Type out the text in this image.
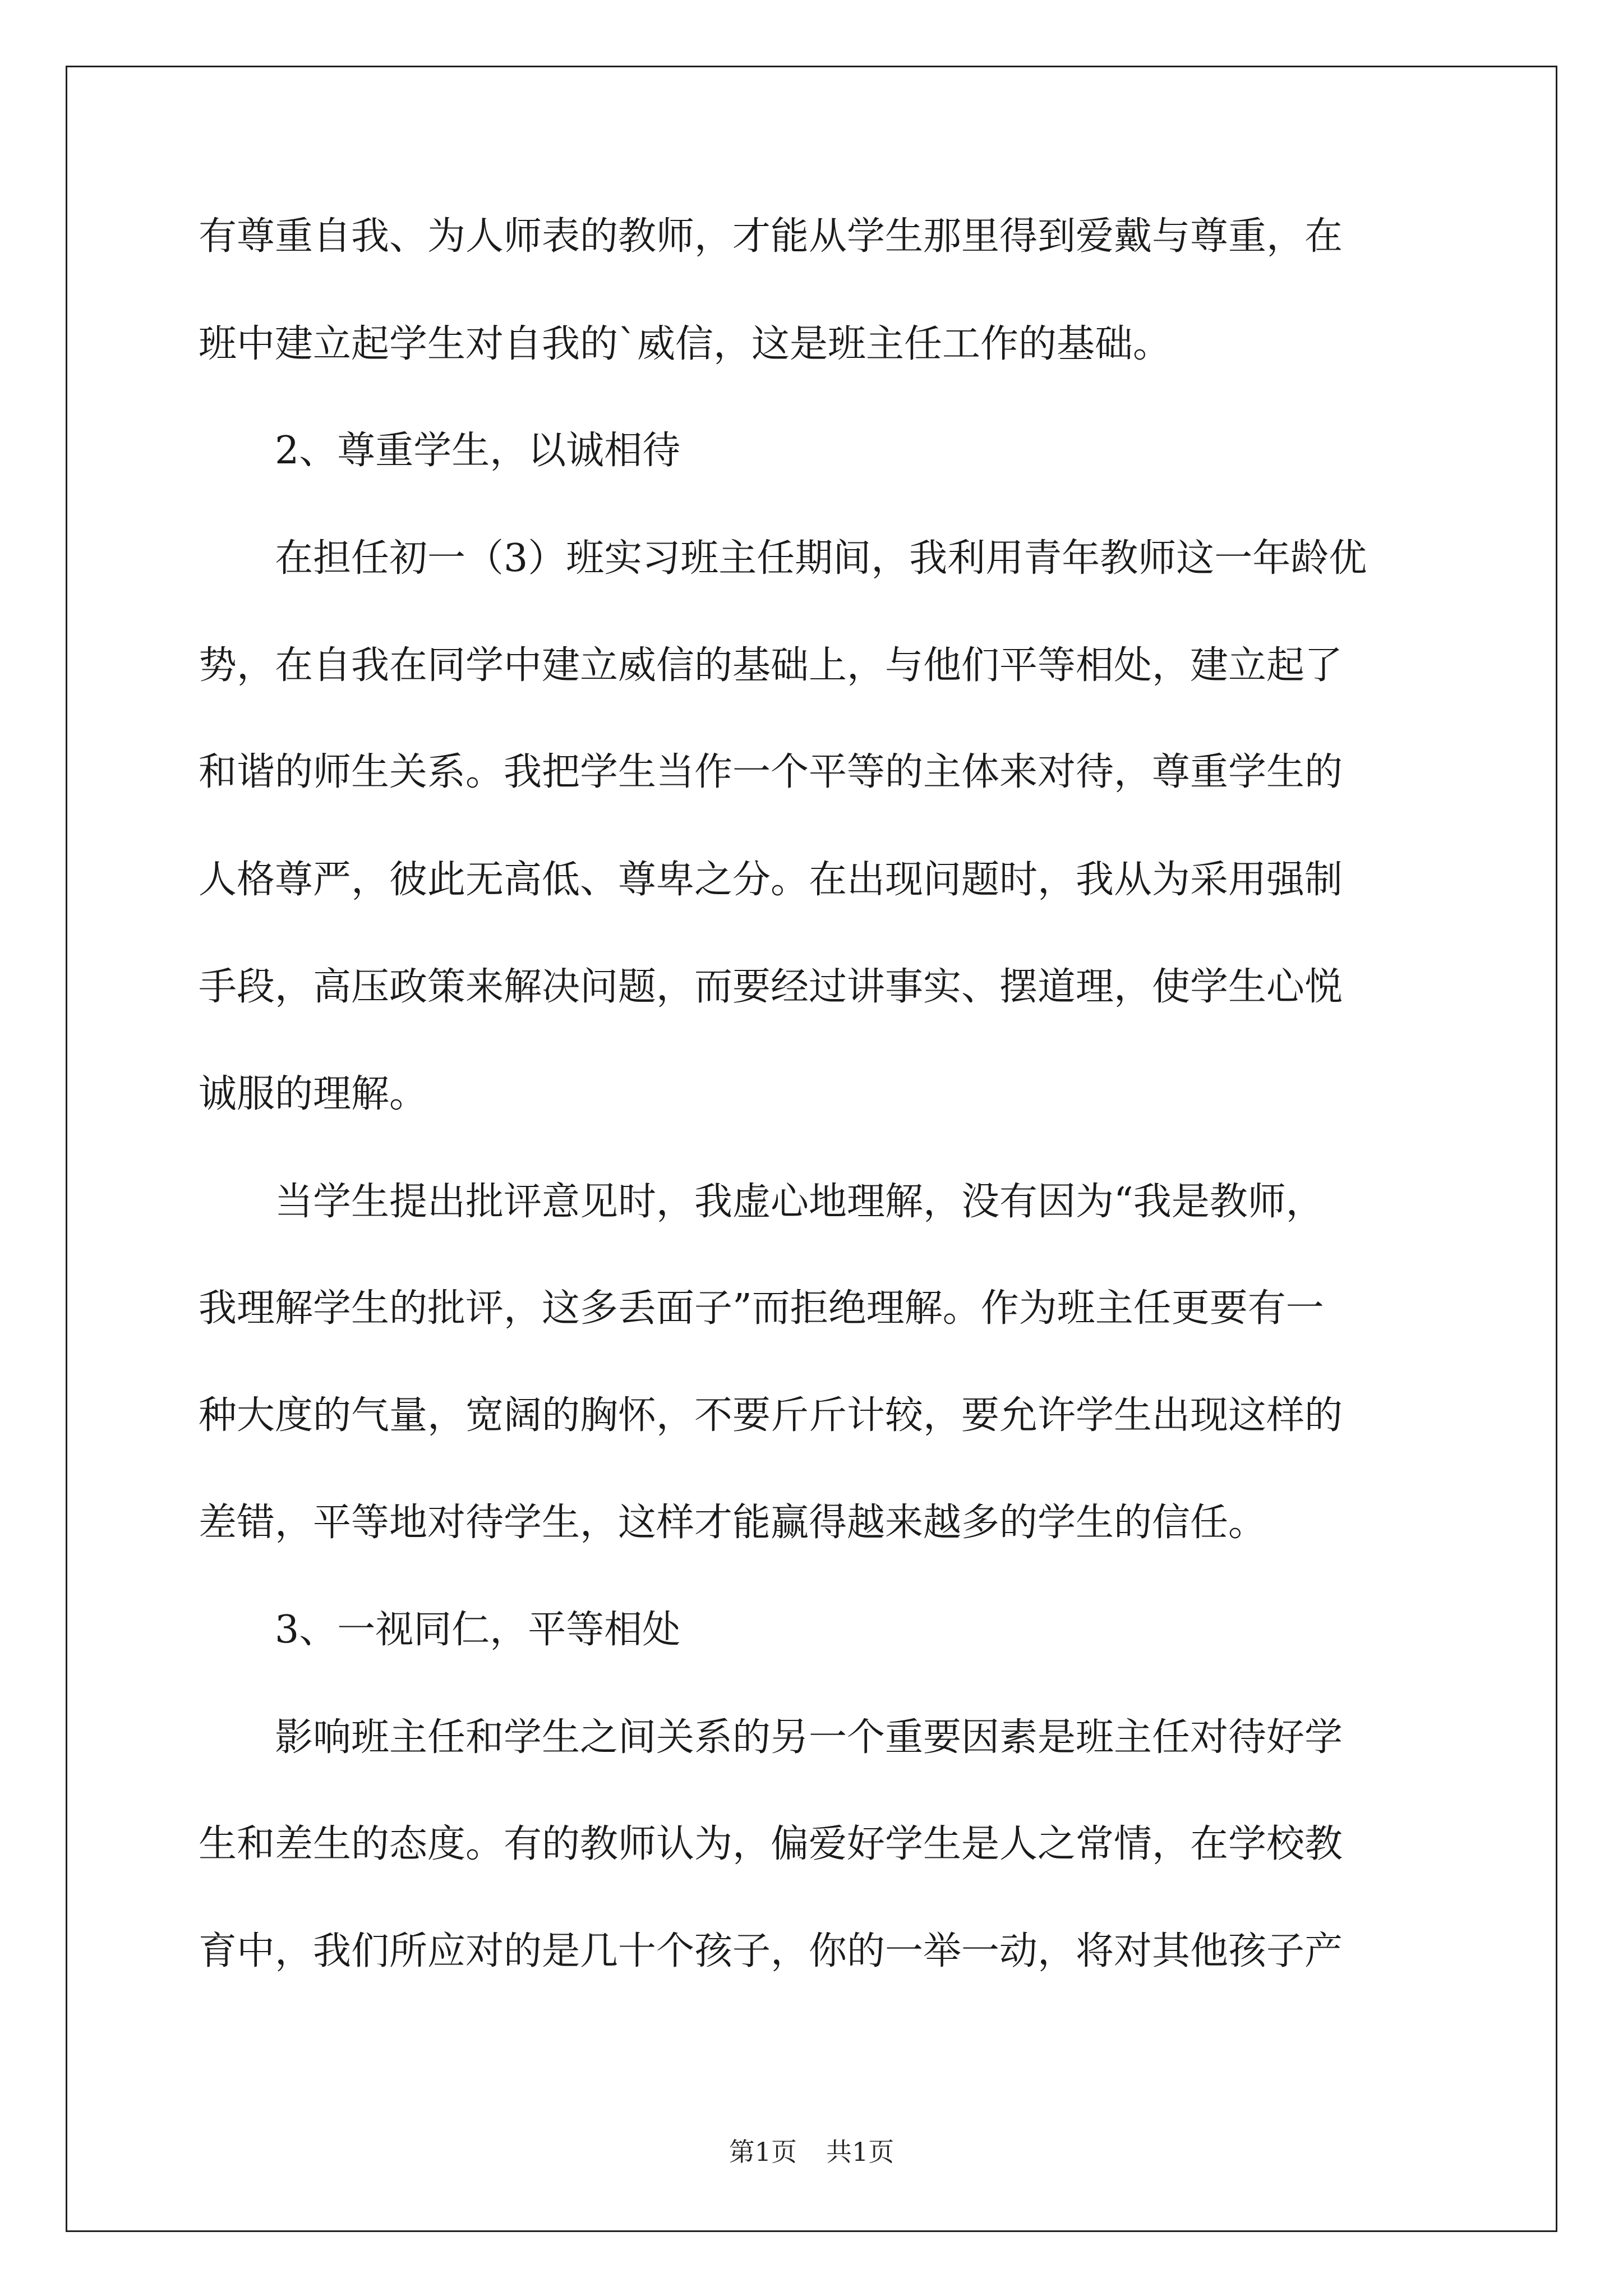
有尊重自我、为人师表的教师，才能从学生那里得到爱戴与尊重，在
班中建立起学生对自我的`威信，这是班主任工作的基础。
2、尊重学生，以诚相待
在担任初一（3）班实习班主任期间，我利用青年教师这一年龄优
势，在自我在同学中建立威信的基础上，与他们平等相处，建立起了
和谐的师生关系。我把学生当作一个平等的主体来对待，尊重学生的
人格尊严，彼此无高低、尊卑之分。在出现问题时，我从为采用强制
手段，高压政策来解决问题，而要经过讲事实、摆道理，使学生心悦
诚服的理解。
当学生提出批评意见时，我虚心地理解，没有因为“我是教师，
我理解学生的批评，这多丢面子”而拒绝理解。作为班主任更要有一
种大度的气量，宽阔的胸怀，不要斤斤计较，要允许学生出现这样的
差错，平等地对待学生，这样才能赢得越来越多的学生的信任。
3、一视同仁，平等相处
影响班主任和学生之间关系的另一个重要因素是班主任对待好学
生和差生的态度。有的教师认为，偏爱好学生是人之常情，在学校教
育中，我们所应对的是几十个孩子，你的一举一动，将对其他孩子产
第1页 共1页
